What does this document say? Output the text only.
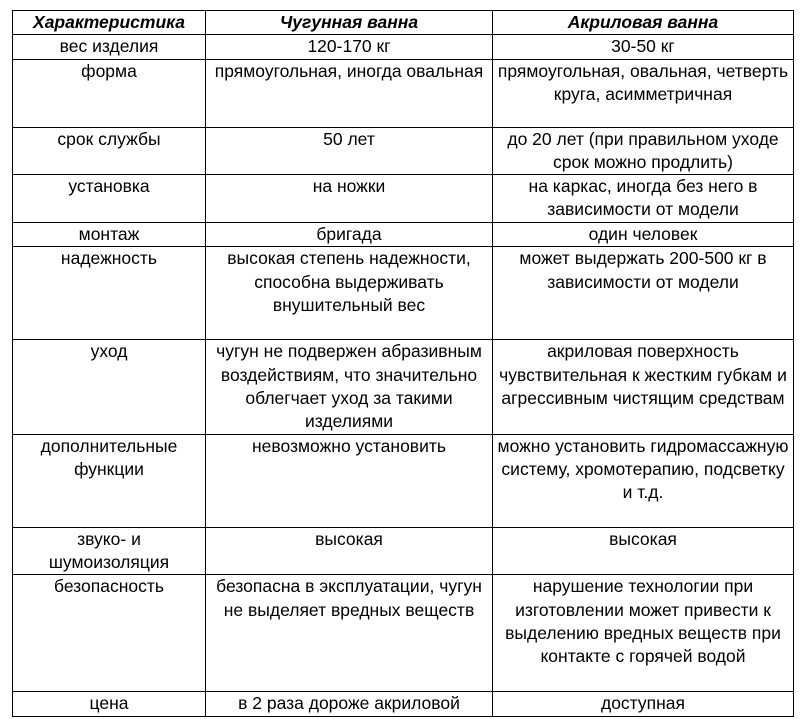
Характеристика	Чугунная ванна	Акриловая ванна
вес изделия	120-170 кг	30-50 кг
форма	прямоугольная, иногда овальная	прямоугольная, овальная, четверть круга, асимметричная
срок службы	50 лет	до 20 лет (при правильном уходе срок можно продлить)
установка	на ножки	на каркас, иногда без него в зависимости от модели
монтаж	бригада	один человек
надежность	высокая степень надежности, способна выдерживать внушительный вес	может выдержать 200-500 кг в зависимости от модели
уход	чугун не подвержен абразивным воздействиям, что значительно облегчает уход за такими изделиями	акриловая поверхность чувствительная к жестким губкам и агрессивным чистящим средствам
дополнительные функции	невозможно установить	можно установить гидромассажную систему, хромотерапию, подсветку и т.д.
звуко- и шумоизоляция	высокая	высокая
безопасность	безопасна в эксплуатации, чугун не выделяет вредных веществ	нарушение технологии при изготовлении может привести к выделению вредных веществ при контакте с горячей водой
цена	в 2 раза дороже акриловой	доступная
